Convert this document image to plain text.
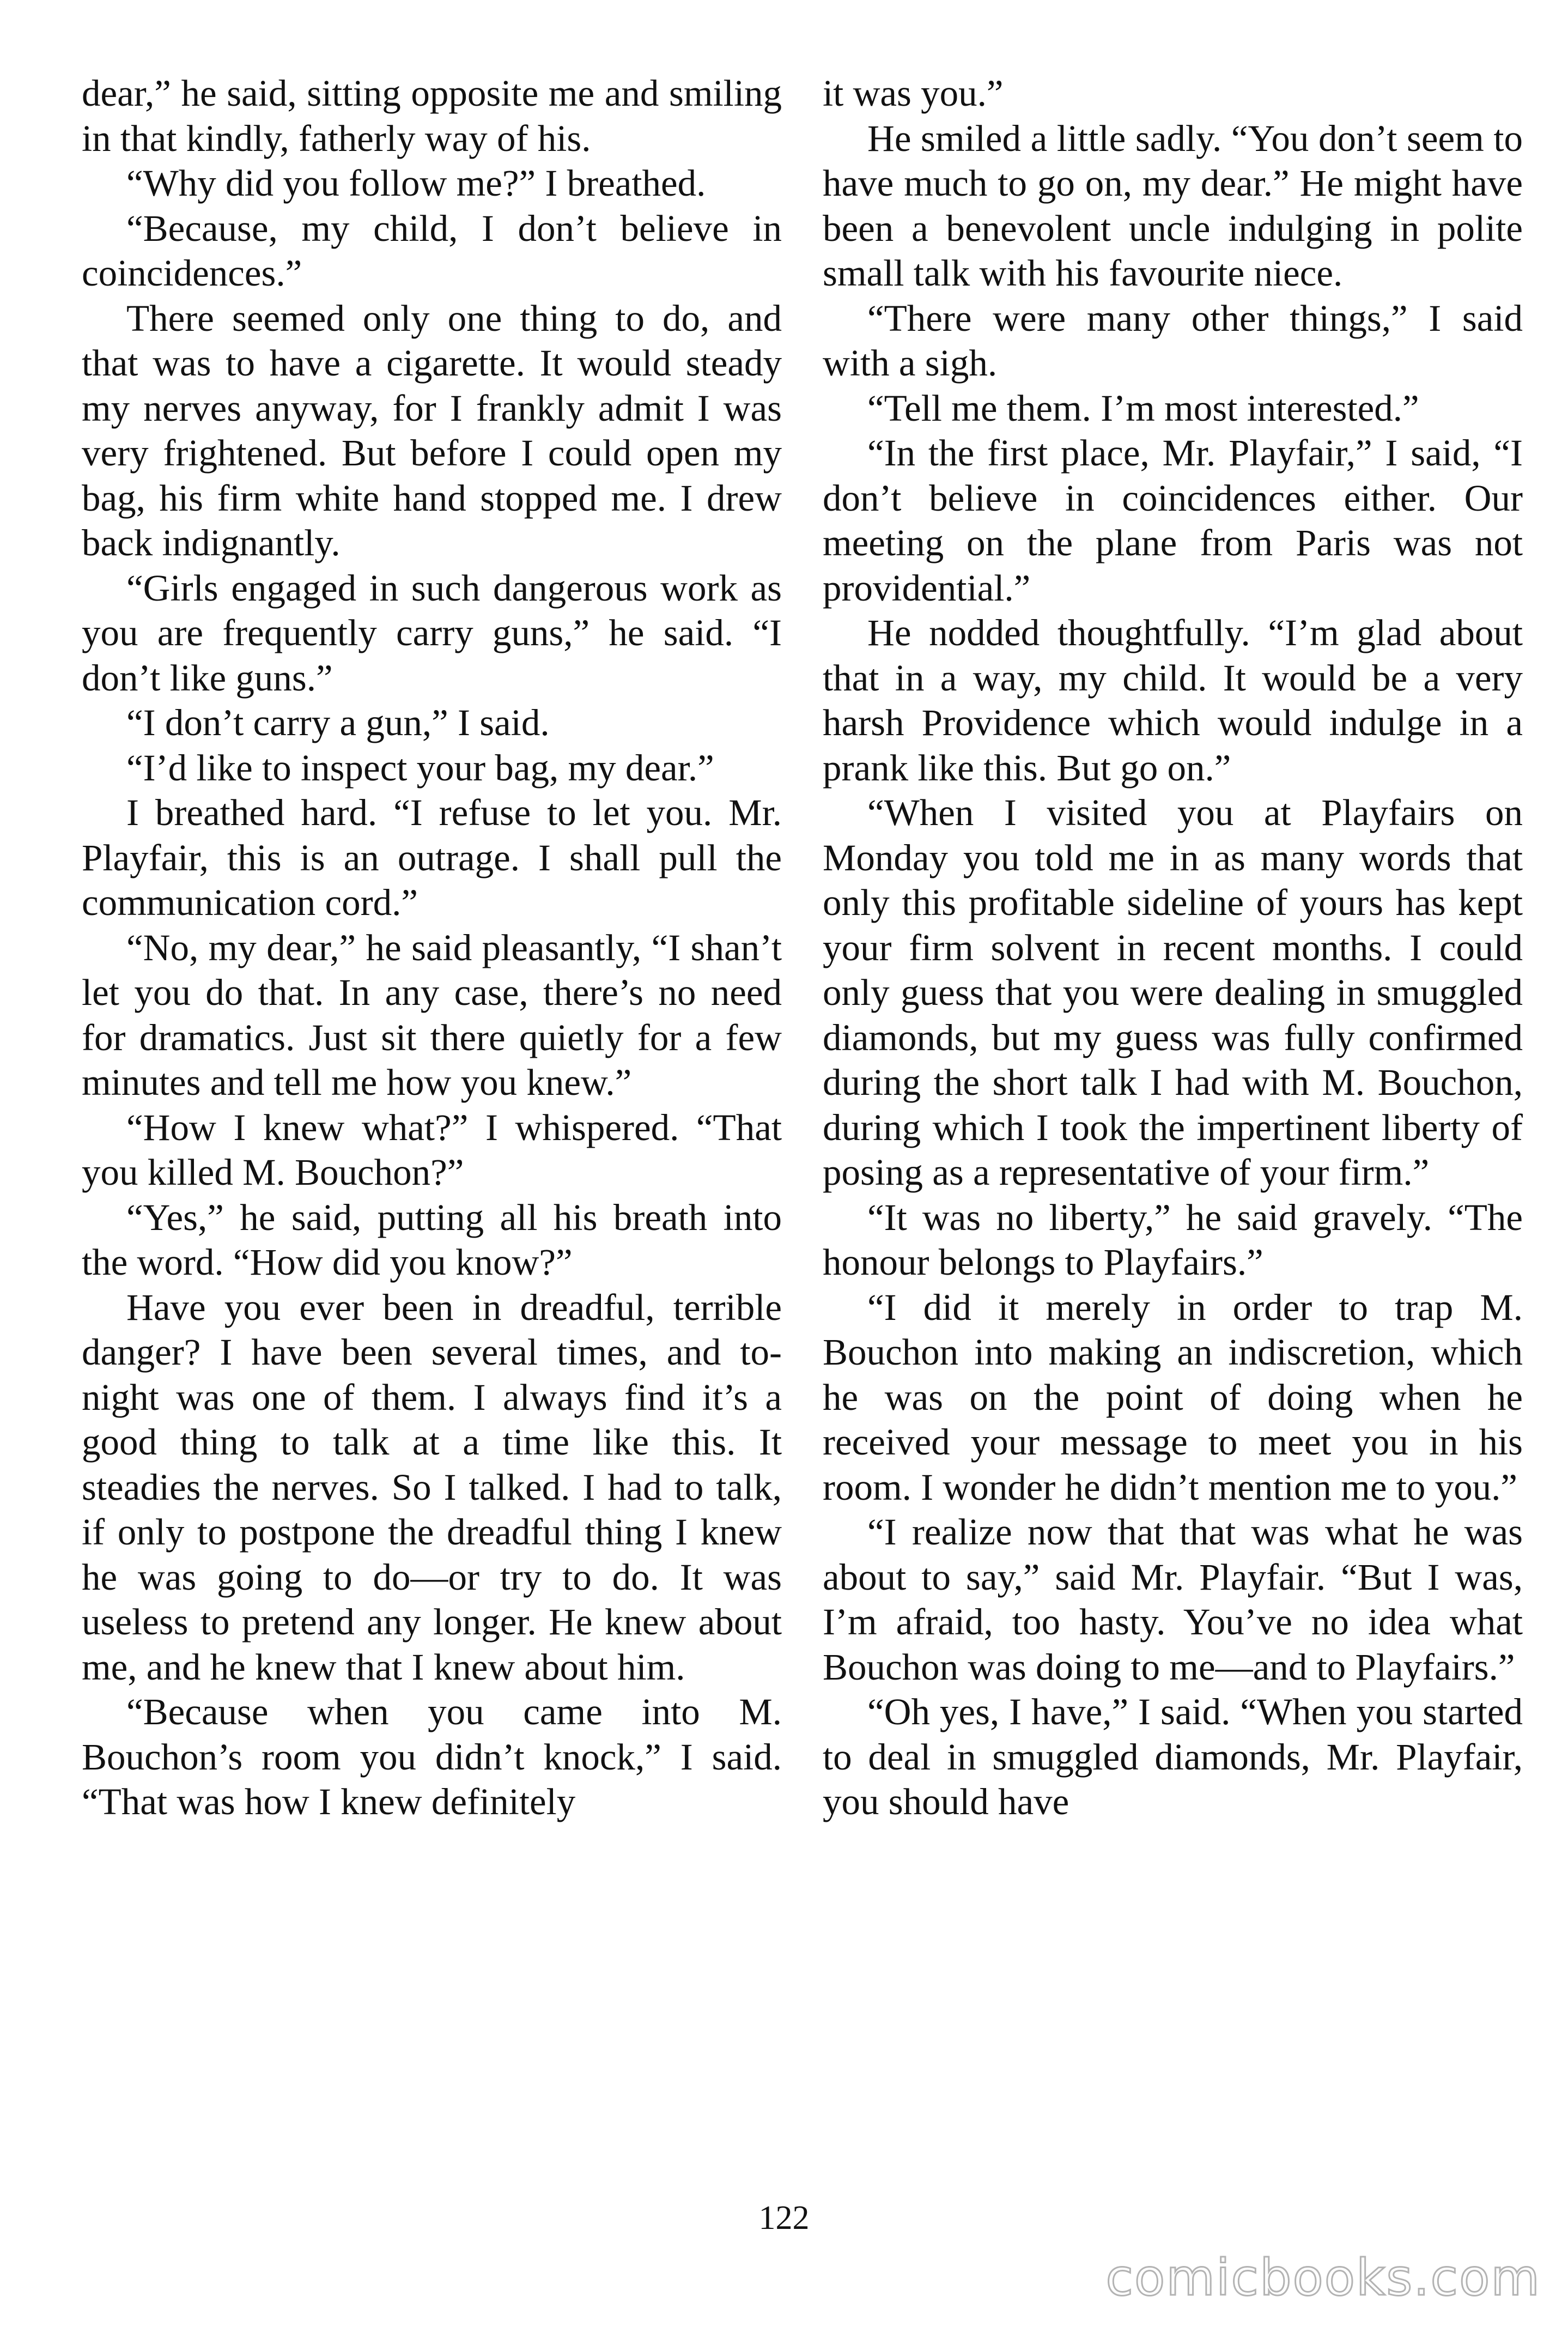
dear,” he said, sitting opposite me and smiling in that kindly, fatherly way of his.

“Why did you follow me?” I breathed.

“Because, my child, I don’t believe in coincidences.”

There seemed only one thing to do, and that was to have a cigarette. It would steady my nerves anyway, for I frankly admit I was very frightened. But before I could open my bag, his firm white hand stopped me. I drew back indignantly.

“Girls engaged in such dangerous work as you are frequently carry guns,” he said. “I don’t like guns.”

“I don’t carry a gun,” I said.

“I’d like to inspect your bag, my dear.”

I breathed hard. “I refuse to let you. Mr. Playfair, this is an outrage. I shall pull the communication cord.”

“No, my dear,” he said pleasantly, “I shan’t let you do that. In any case, there’s no need for dramatics. Just sit there quietly for a few minutes and tell me how you knew.”

“How I knew what?” I whispered. “That you killed M. Bouchon?”

“Yes,” he said, putting all his breath into the word. “How did you know?”

Have you ever been in dreadful, terrible danger? I have been several times, and to-night was one of them. I always find it’s a good thing to talk at a time like this. It steadies the nerves. So I talked. I had to talk, if only to postpone the dreadful thing I knew he was going to do—or try to do. It was useless to pretend any longer. He knew about me, and he knew that I knew about him.

“Because when you came into M. Bouchon’s room you didn’t knock,” I said. “That was how I knew definitely

it was you.”

He smiled a little sadly. “You don’t seem to have much to go on, my dear.” He might have been a benevolent uncle indulging in polite small talk with his favourite niece.

“There were many other things,” I said with a sigh.

“Tell me them. I’m most interested.”

“In the first place, Mr. Playfair,” I said, “I don’t believe in coincidences either. Our meeting on the plane from Paris was not providential.”

He nodded thoughtfully. “I’m glad about that in a way, my child. It would be a very harsh Providence which would indulge in a prank like this. But go on.”

“When I visited you at Playfairs on Monday you told me in as many words that only this profitable sideline of yours has kept your firm solvent in recent months. I could only guess that you were dealing in smuggled diamonds, but my guess was fully confirmed during the short talk I had with M. Bouchon, during which I took the impertinent liberty of posing as a representative of your firm.”

“It was no liberty,” he said gravely. “The honour belongs to Playfairs.”

“I did it merely in order to trap M. Bouchon into making an indiscretion, which he was on the point of doing when he received your message to meet you in his room. I wonder he didn’t mention me to you.”

“I realize now that that was what he was about to say,” said Mr. Playfair. “But I was, I’m afraid, too hasty. You’ve no idea what Bouchon was doing to me—and to Playfairs.”

“Oh yes, I have,” I said. “When you started to deal in smuggled diamonds, Mr. Playfair, you should have

122
comicbooks.com
